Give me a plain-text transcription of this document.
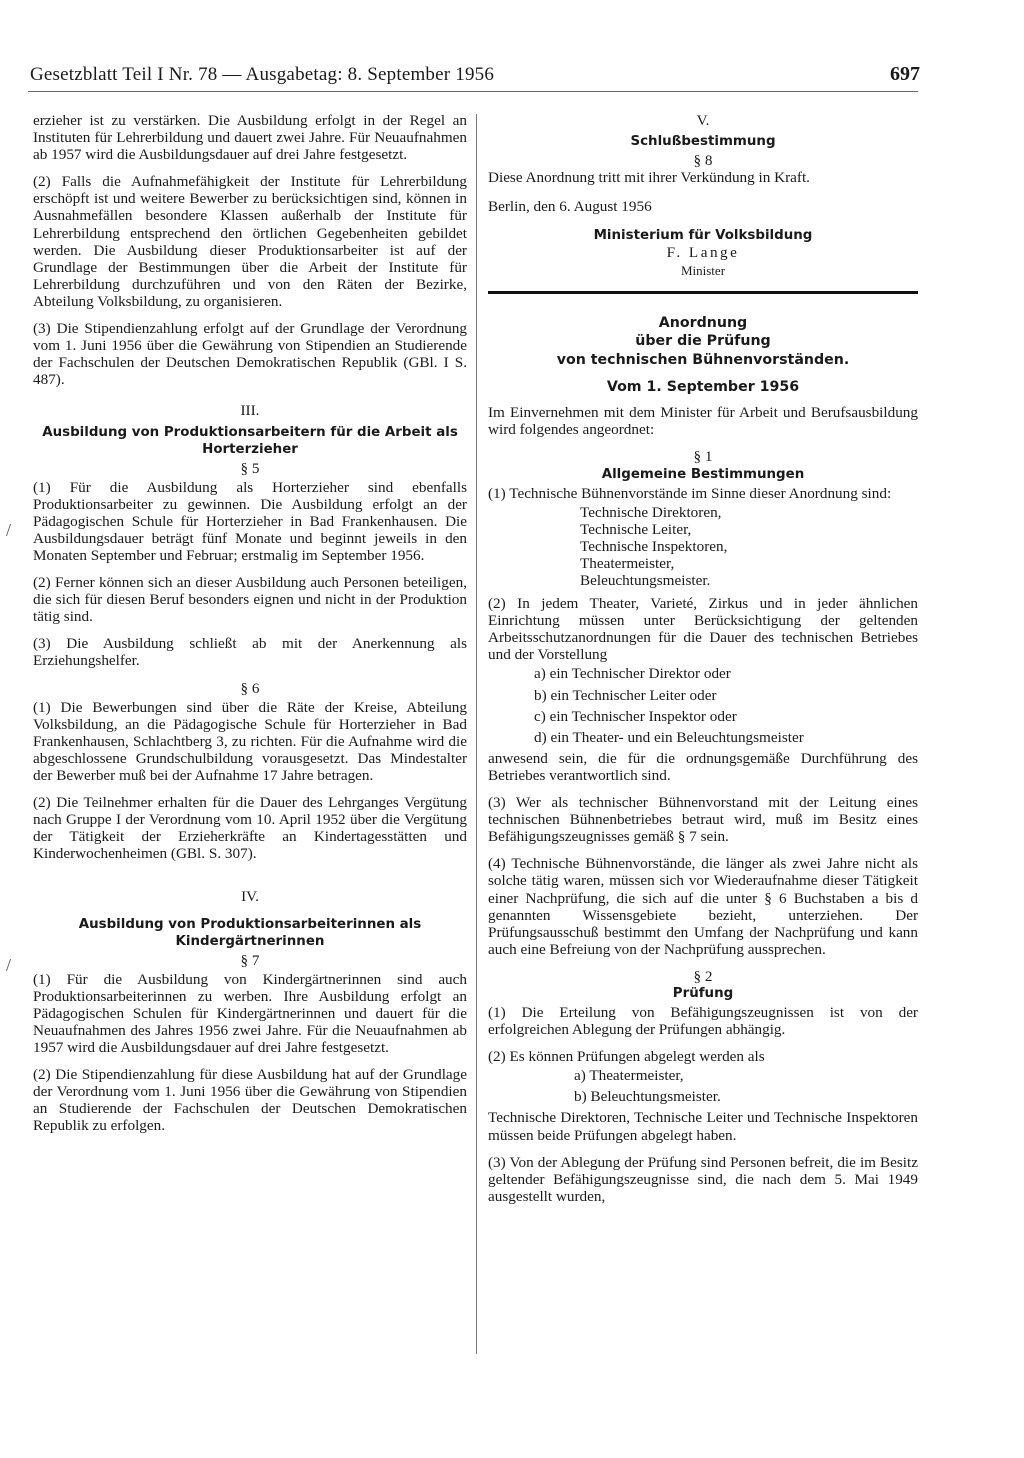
Gesetzblatt Teil I Nr. 78 — Ausgabetag: 8. September 1956	697
/
/

erzieher ist zu verstärken. Die Ausbildung erfolgt in der Regel an Instituten für Lehrerbildung und dauert zwei Jahre. Für Neuaufnahmen ab 1957 wird die Ausbildungsdauer auf drei Jahre festgesetzt.

(2) Falls die Aufnahmefähigkeit der Institute für Lehrerbildung erschöpft ist und weitere Bewerber zu berücksichtigen sind, können in Ausnahmefällen besondere Klassen außerhalb der Institute für Lehrerbildung entsprechend den örtlichen Gegebenheiten gebildet werden. Die Ausbildung dieser Produktionsarbeiter ist auf der Grundlage der Bestimmungen über die Arbeit der Institute für Lehrerbildung durchzuführen und von den Räten der Bezirke, Abteilung Volksbildung, zu organisieren.

(3) Die Stipendienzahlung erfolgt auf der Grundlage der Verordnung vom 1. Juni 1956 über die Gewährung von Stipendien an Studierende der Fachschulen der Deutschen Demokratischen Republik (GBl. I S. 487).

III.
Ausbildung von Produktionsarbeitern für die Arbeit als Horterzieher
§ 5

(1) Für die Ausbildung als Horterzieher sind ebenfalls Produktionsarbeiter zu gewinnen. Die Ausbildung erfolgt an der Pädagogischen Schule für Horterzieher in Bad Frankenhausen. Die Ausbildungsdauer beträgt fünf Monate und beginnt jeweils in den Monaten September und Februar; erstmalig im September 1956.

(2) Ferner können sich an dieser Ausbildung auch Personen beteiligen, die sich für diesen Beruf besonders eignen und nicht in der Produktion tätig sind.

(3) Die Ausbildung schließt ab mit der Anerkennung als Erziehungshelfer.

§ 6

(1) Die Bewerbungen sind über die Räte der Kreise, Abteilung Volksbildung, an die Pädagogische Schule für Horterzieher in Bad Frankenhausen, Schlachtberg 3, zu richten. Für die Aufnahme wird die abgeschlossene Grundschulbildung vorausgesetzt. Das Mindestalter der Bewerber muß bei der Aufnahme 17 Jahre betragen.

(2) Die Teilnehmer erhalten für die Dauer des Lehrganges Vergütung nach Gruppe I der Verordnung vom 10. April 1952 über die Vergütung der Tätigkeit der Erzieherkräfte an Kindertagesstätten und Kinderwochenheimen (GBl. S. 307).

IV.
Ausbildung von Produktionsarbeiterinnen als Kindergärtnerinnen
§ 7

(1) Für die Ausbildung von Kindergärtnerinnen sind auch Produktionsarbeiterinnen zu werben. Ihre Ausbildung erfolgt an Pädagogischen Schulen für Kindergärtnerinnen und dauert für die Neuaufnahmen des Jahres 1956 zwei Jahre. Für die Neuaufnahmen ab 1957 wird die Ausbildungsdauer auf drei Jahre festgesetzt.

(2) Die Stipendienzahlung für diese Ausbildung hat auf der Grundlage der Verordnung vom 1. Juni 1956 über die Gewährung von Stipendien an Studierende der Fachschulen der Deutschen Demokratischen Republik zu erfolgen.

V.
Schlußbestimmung
§ 8

Diese Anordnung tritt mit ihrer Verkündung in Kraft.

Berlin, den 6. August 1956

Ministerium für Volksbildung
F. Lange
Minister
Anordnung
über die Prüfung
von technischen Bühnenvorständen.
Vom 1. September 1956

Im Einvernehmen mit dem Minister für Arbeit und Berufsausbildung wird folgendes angeordnet:

§ 1
Allgemeine Bestimmungen

(1) Technische Bühnenvorstände im Sinne dieser Anordnung sind:

Technische Direktoren,
Technische Leiter,
Technische Inspektoren,
Theatermeister,
Beleuchtungsmeister.

(2) In jedem Theater, Varieté, Zirkus und in jeder ähnlichen Einrichtung müssen unter Berücksichtigung der geltenden Arbeitsschutzanordnungen für die Dauer des technischen Betriebes und der Vorstellung

a) ein Technischer Direktor oder
b) ein Technischer Leiter oder
c) ein Technischer Inspektor oder
d) ein Theater- und ein Beleuchtungsmeister

anwesend sein, die für die ordnungsgemäße Durchführung des Betriebes verantwortlich sind.

(3) Wer als technischer Bühnenvorstand mit der Leitung eines technischen Bühnenbetriebes betraut wird, muß im Besitz eines Befähigungszeugnisses gemäß § 7 sein.

(4) Technische Bühnenvorstände, die länger als zwei Jahre nicht als solche tätig waren, müssen sich vor Wiederaufnahme dieser Tätigkeit einer Nachprüfung, die sich auf die unter § 6 Buchstaben a bis d genannten Wissensgebiete bezieht, unterziehen. Der Prüfungsausschuß bestimmt den Umfang der Nachprüfung und kann auch eine Befreiung von der Nachprüfung aussprechen.

§ 2
Prüfung

(1) Die Erteilung von Befähigungszeugnissen ist von der erfolgreichen Ablegung der Prüfungen abhängig.

(2) Es können Prüfungen abgelegt werden als

a) Theatermeister,
b) Beleuchtungsmeister.

Technische Direktoren, Technische Leiter und Technische Inspektoren müssen beide Prüfungen abgelegt haben.

(3) Von der Ablegung der Prüfung sind Personen befreit, die im Besitz geltender Befähigungszeugnisse sind, die nach dem 5. Mai 1949 ausgestellt wurden,
